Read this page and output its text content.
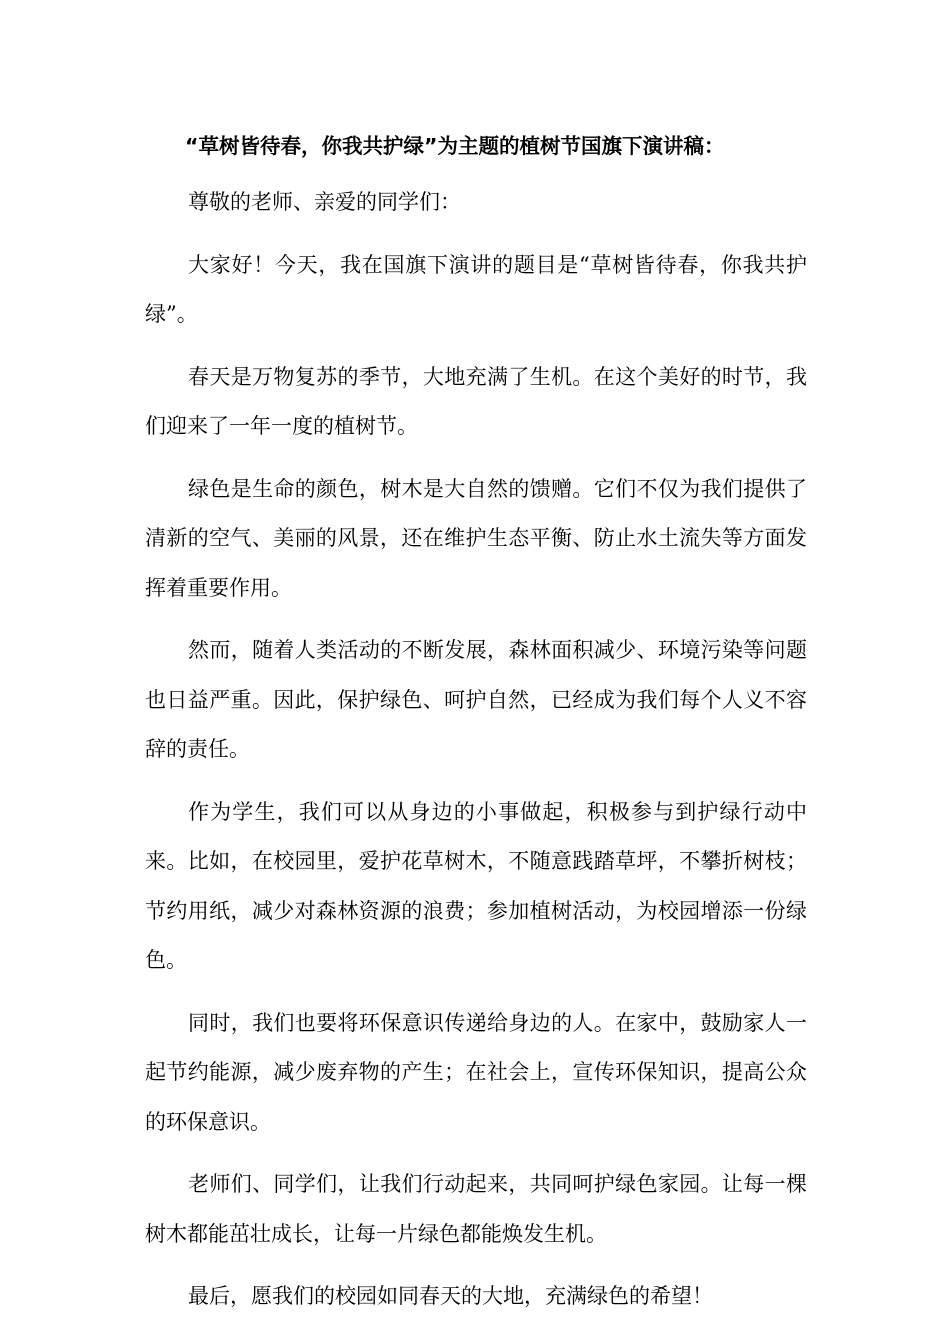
“草树皆待春，你我共护绿”为主题的植树节国旗下演讲稿：

尊敬的老师、亲爱的同学们：

大家好！今天，我在国旗下演讲的题目是“草树皆待春，你我共护绿”。

春天是万物复苏的季节，大地充满了生机。在这个美好的时节，我们迎来了一年一度的植树节。

绿色是生命的颜色，树木是大自然的馈赠。它们不仅为我们提供了清新的空气、美丽的风景，还在维护生态平衡、防止水土流失等方面发挥着重要作用。

然而，随着人类活动的不断发展，森林面积减少、环境污染等问题也日益严重。因此，保护绿色、呵护自然，已经成为我们每个人义不容辞的责任。

作为学生，我们可以从身边的小事做起，积极参与到护绿行动中来。比如，在校园里，爱护花草树木，不随意践踏草坪，不攀折树枝；节约用纸，减少对森林资源的浪费；参加植树活动，为校园增添一份绿色。

同时，我们也要将环保意识传递给身边的人。在家中，鼓励家人一起节约能源，减少废弃物的产生；在社会上，宣传环保知识，提高公众的环保意识。

老师们、同学们，让我们行动起来，共同呵护绿色家园。让每一棵树木都能茁壮成长，让每一片绿色都能焕发生机。

最后，愿我们的校园如同春天的大地，充满绿色的希望！
